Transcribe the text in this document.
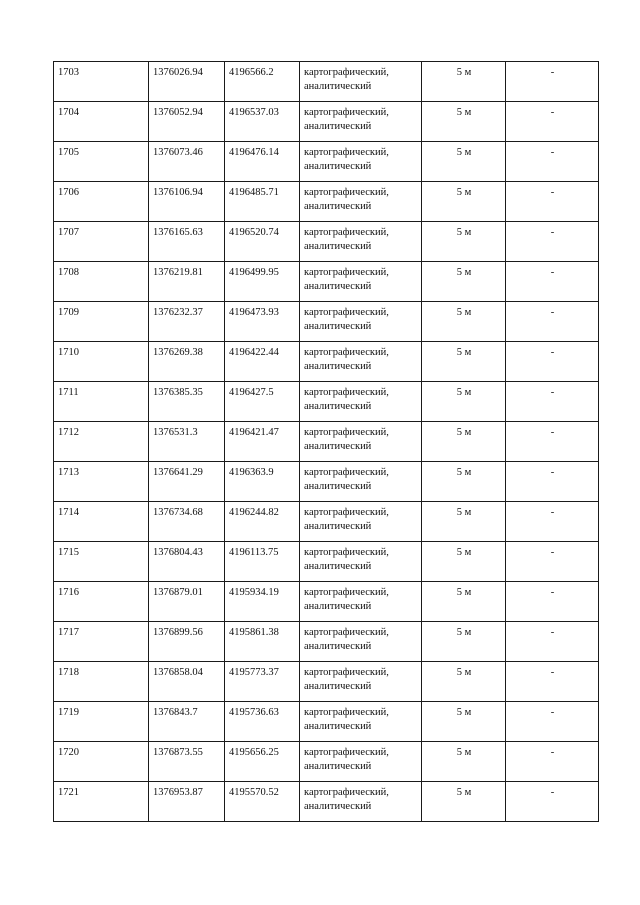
1703	1376026.94	4196566.2	картографический, аналитический	5 м	-
1704	1376052.94	4196537.03	картографический, аналитический	5 м	-
1705	1376073.46	4196476.14	картографический, аналитический	5 м	-
1706	1376106.94	4196485.71	картографический, аналитический	5 м	-
1707	1376165.63	4196520.74	картографический, аналитический	5 м	-
1708	1376219.81	4196499.95	картографический, аналитический	5 м	-
1709	1376232.37	4196473.93	картографический, аналитический	5 м	-
1710	1376269.38	4196422.44	картографический, аналитический	5 м	-
1711	1376385.35	4196427.5	картографический, аналитический	5 м	-
1712	1376531.3	4196421.47	картографический, аналитический	5 м	-
1713	1376641.29	4196363.9	картографический, аналитический	5 м	-
1714	1376734.68	4196244.82	картографический, аналитический	5 м	-
1715	1376804.43	4196113.75	картографический, аналитический	5 м	-
1716	1376879.01	4195934.19	картографический, аналитический	5 м	-
1717	1376899.56	4195861.38	картографический, аналитический	5 м	-
1718	1376858.04	4195773.37	картографический, аналитический	5 м	-
1719	1376843.7	4195736.63	картографический, аналитический	5 м	-
1720	1376873.55	4195656.25	картографический, аналитический	5 м	-
1721	1376953.87	4195570.52	картографический, аналитический	5 м	-
